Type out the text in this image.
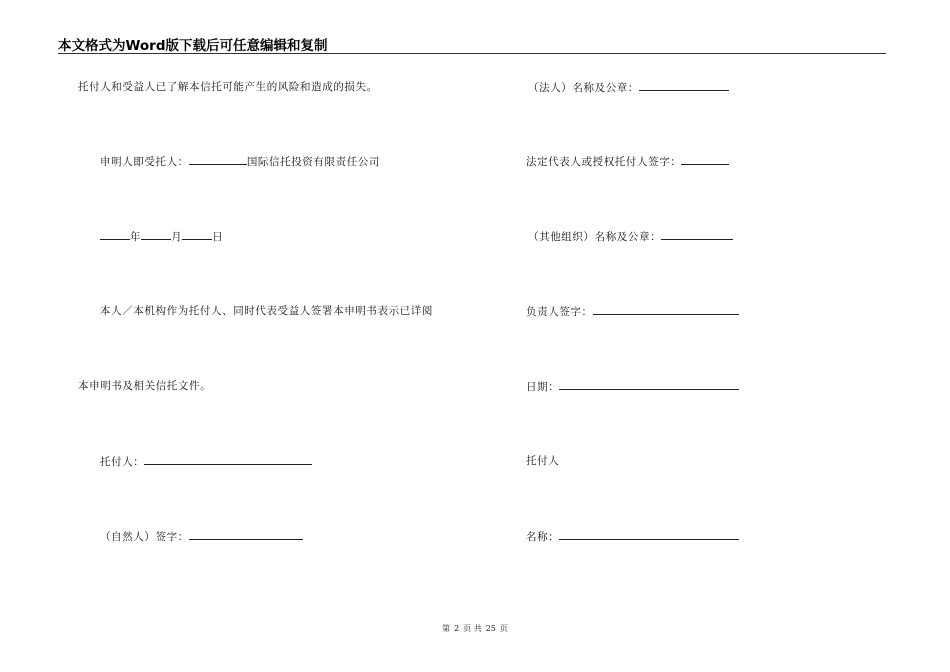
本文格式为Word版下载后可任意编辑和复制
托付人和受益人已了解本信托可能产生的风险和造成的损失。
申明人即受托人：	国际信托投资有限责任公司
年	月	日
本人／本机构作为托付人、同时代表受益人签署本申明书表示已详阅
本申明书及相关信托文件。
托付人：
（自然人）签字：
（法人）名称及公章：
法定代表人或授权托付人签字：
（其他组织）名称及公章：
负责人签字：
日期：
托付人
名称：
第 2 页 共 25 页
